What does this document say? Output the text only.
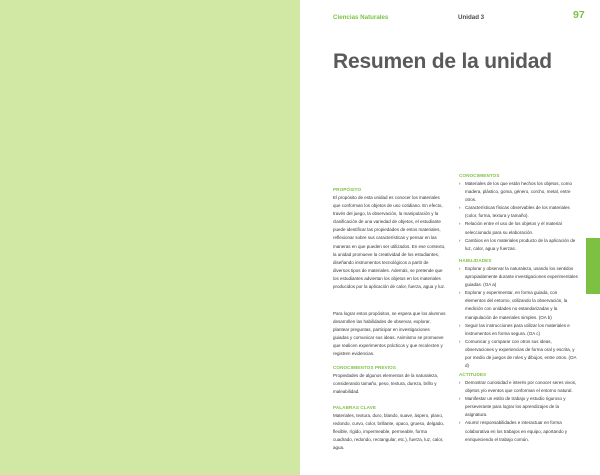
Ciencias Naturales	Unidad 3	97
Resumen de la unidad
PROPÓSITO

El propósito de esta unidad es conocer los materiales que conforman los objetos de uso cotidiano. En efecto, través del juego, la observación, la manipulación y la clasificación de una variedad de objetos, el estudiante puede identificar las propiedades de estos materiales, reflexionar sobre sus características y pensar en las maneras en que pueden ser utilizados. En ese contexto, la unidad promueve la creatividad de los estudiantes, diseñando instrumentos tecnológicos a partir de diversos tipos de materiales. Además, se pretende que los estudiantes adviertan los objetos en los materiales producidos por la aplicación de calor, fuerza, agua y luz.

Para lograr estos propósitos, se espera que los alumnos desarrollen las habilidades de observar, explorar, plantear preguntas, participar en investigaciones guiadas y comunicar sus ideas. Asimismo se promueve que realicen experimentos prácticos y que recolecten y registren evidencias.

CONOCIMIENTOS PREVIOS

Propiedades de algunos elementos de la naturaleza, considerando tamaño, peso, textura, dureza, brillo y maleabilidad.

PALABRAS CLAVE

Materiales, textura, duro, blando, suave, áspero, plano, redondo, curvo, color, brillante, opaco, grueso, delgado, flexible, rígido, impermeable, permeable, forma cuadrado, redondo, rectangular, etc.), fuerza, luz, calor, agua.

CONOCIMIENTOS
› Materiales de los que están hechos los objetos, como madera, plástico, goma, género, corcho, metal, entre otros.
› Características físicas observables de los materiales (color, forma, textura y tamaño).
› Relación entre el uso de los objetos y el material seleccionado para su elaboración.
› Cambios en los materiales producto de la aplicación de luz, calor, agua y fuerzas.
HABILIDADES
› Explorar y observar la naturaleza, usando los sentidos apropiadamente durante investigaciones experimentales guiadas. (OA a)
› Explorar y experimentar, en forma guiada, con elementos del entorno, utilizando la observación, la medición con unidades no estandarizadas y la manipulación de materiales simples. (OA b)
› Seguir las instrucciones para utilizar los materiales e instrumentos en forma segura. (OA c)
› Comunicar y comparar con otros sus ideas, observaciones y experiencias de forma oral y escrita, y por medio de juegos de roles y dibujos, entre otros. (OA d)
ACTITUDES
› Demostrar curiosidad e interés por conocer seres vivos, objetos y/o eventos que conforman el entorno natural.
› Manifestar un estilo de trabajo y estudio riguroso y perseverante para lograr los aprendizajes de la asignatura.
› Asumir responsabilidades e interactuar en forma colaborativa en los trabajos en equipo, aportando y enriqueciendo el trabajo común.
